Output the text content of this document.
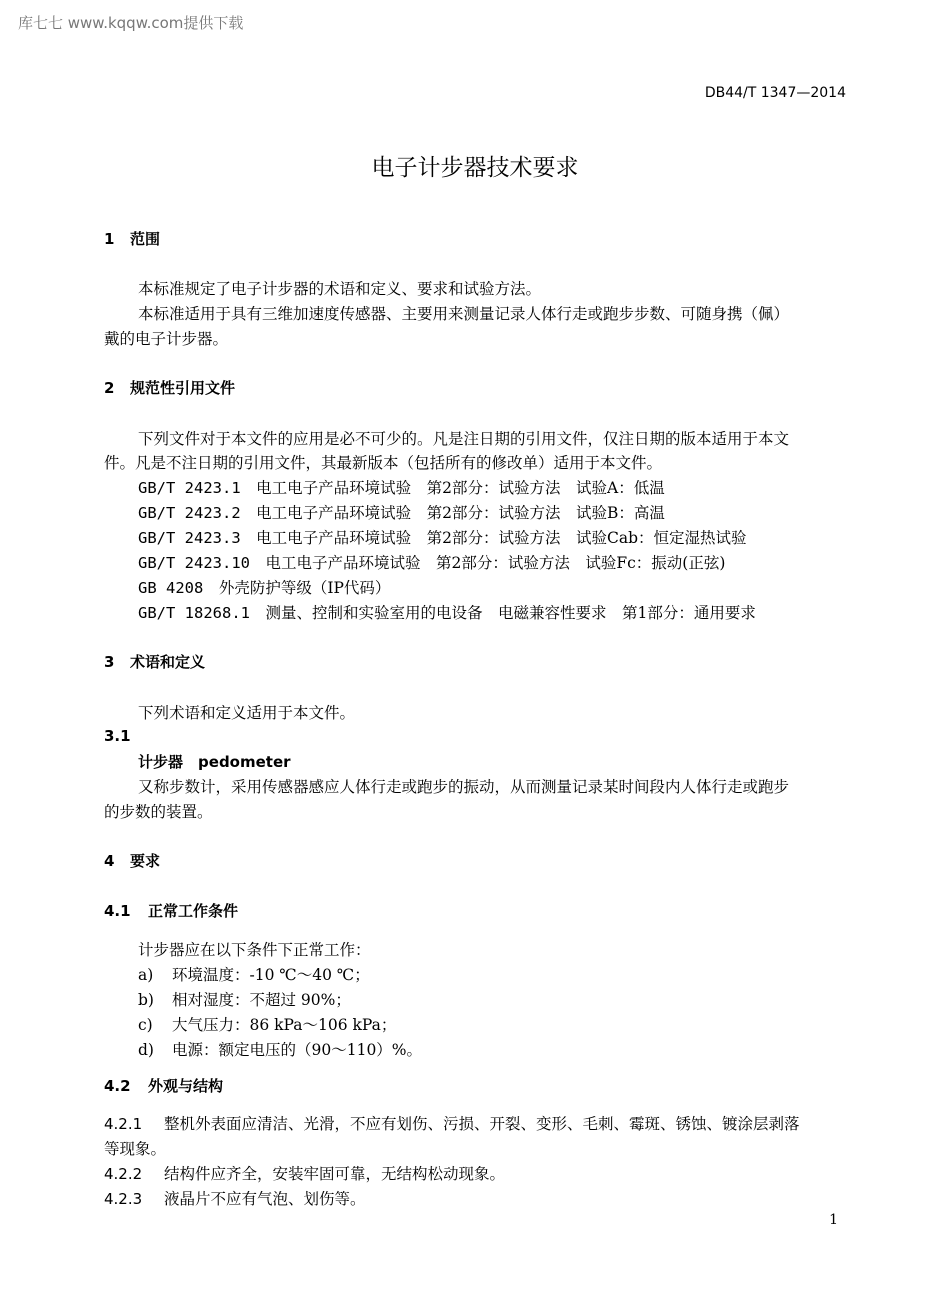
库七七 www.kqqw.com提供下载
DB44/T 1347—2014
电子计步器技术要求
1 范围
本标准规定了电子计步器的术语和定义、要求和试验方法。
本标准适用于具有三维加速度传感器、主要用来测量记录人体行走或跑步步数、可随身携（佩）
戴的电子计步器。
2 规范性引用文件
下列文件对于本文件的应用是必不可少的。凡是注日期的引用文件，仅注日期的版本适用于本文
件。凡是不注日期的引用文件，其最新版本（包括所有的修改单）适用于本文件。
GB/T 2423.1　 电工电子产品环境试验　第2部分：试验方法　试验A：低温
GB/T 2423.2　 电工电子产品环境试验　第2部分：试验方法　试验B：高温
GB/T 2423.3　 电工电子产品环境试验　第2部分：试验方法　试验Cab：恒定湿热试验
GB/T 2423.10　 电工电子产品环境试验　第2部分：试验方法　试验Fc：振动(正弦)
GB 4208　 外壳防护等级（IP代码）
GB/T 18268.1　 测量、控制和实验室用的电设备　电磁兼容性要求　第1部分：通用要求
3 术语和定义
下列术语和定义适用于本文件。
3.1
计步器　 pedometer
又称步数计，采用传感器感应人体行走或跑步的振动，从而测量记录某时间段内人体行走或跑步
的步数的装置。
4 要求
4.1 正常工作条件
计步器应在以下条件下正常工作：
a) 环境温度：-10 ℃～40 ℃；
b) 相对湿度：不超过 90%；
c) 大气压力：86 kPa～106 kPa；
d) 电源：额定电压的（90～110）%。
4.2 外观与结构
4.2.1 整机外表面应清洁、光滑，不应有划伤、污损、开裂、变形、毛刺、霉斑、锈蚀、镀涂层剥落
等现象。
4.2.2 结构件应齐全，安装牢固可靠，无结构松动现象。
4.2.3 液晶片不应有气泡、划伤等。
1
